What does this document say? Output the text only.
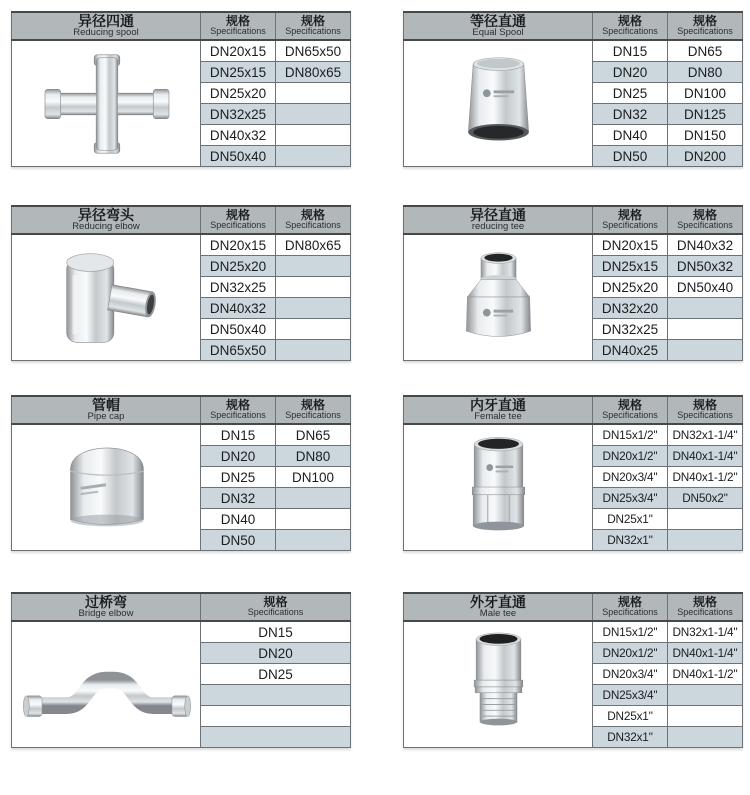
异径四通
Reducing spool

规格
Specifications

规格
Specifications

	DN20x15	DN65x50
	DN25x15	DN80x65
	DN25x20	
	DN32x25	
	DN40x32	
	DN50x40	
等径直通
Equal Spool

规格
Specifications

规格
Specifications

	DN15	DN65
	DN20	DN80
	DN25	DN100
	DN32	DN125
	DN40	DN150
	DN50	DN200
异径弯头
Reducing elbow

规格
Specifications

规格
Specifications

	DN20x15	DN80x65
	DN25x20	
	DN32x25	
	DN40x32	
	DN50x40	
	DN65x50	
异径直通
reducing tee

规格
Specifications

规格
Specifications

	DN20x15	DN40x32
	DN25x15	DN50x32
	DN25x20	DN50x40
	DN32x20	
	DN32x25	
	DN40x25	
管帽
Pipe cap

规格
Specifications

规格
Specifications

	DN15	DN65
	DN20	DN80
	DN25	DN100
	DN32	
	DN40	
	DN50	
内牙直通
Female tee

规格
Specifications

规格
Specifications

	DN15x1/2''	DN32x1-1/4''
	DN20x1/2''	DN40x1-1/4''
	DN20x3/4''	DN40x1-1/2''
	DN25x3/4''	DN50x2''
	DN25x1''	
	DN32x1''	
过桥弯
Bridge elbow

规格
Specifications

	DN15
	DN20
	DN25

外牙直通
Male tee

规格
Specifications

规格
Specifications

	DN15x1/2''	DN32x1-1/4''
	DN20x1/2''	DN40x1-1/4''
	DN20x3/4''	DN40x1-1/2''
	DN25x3/4''	
	DN25x1''	
	DN32x1''	
